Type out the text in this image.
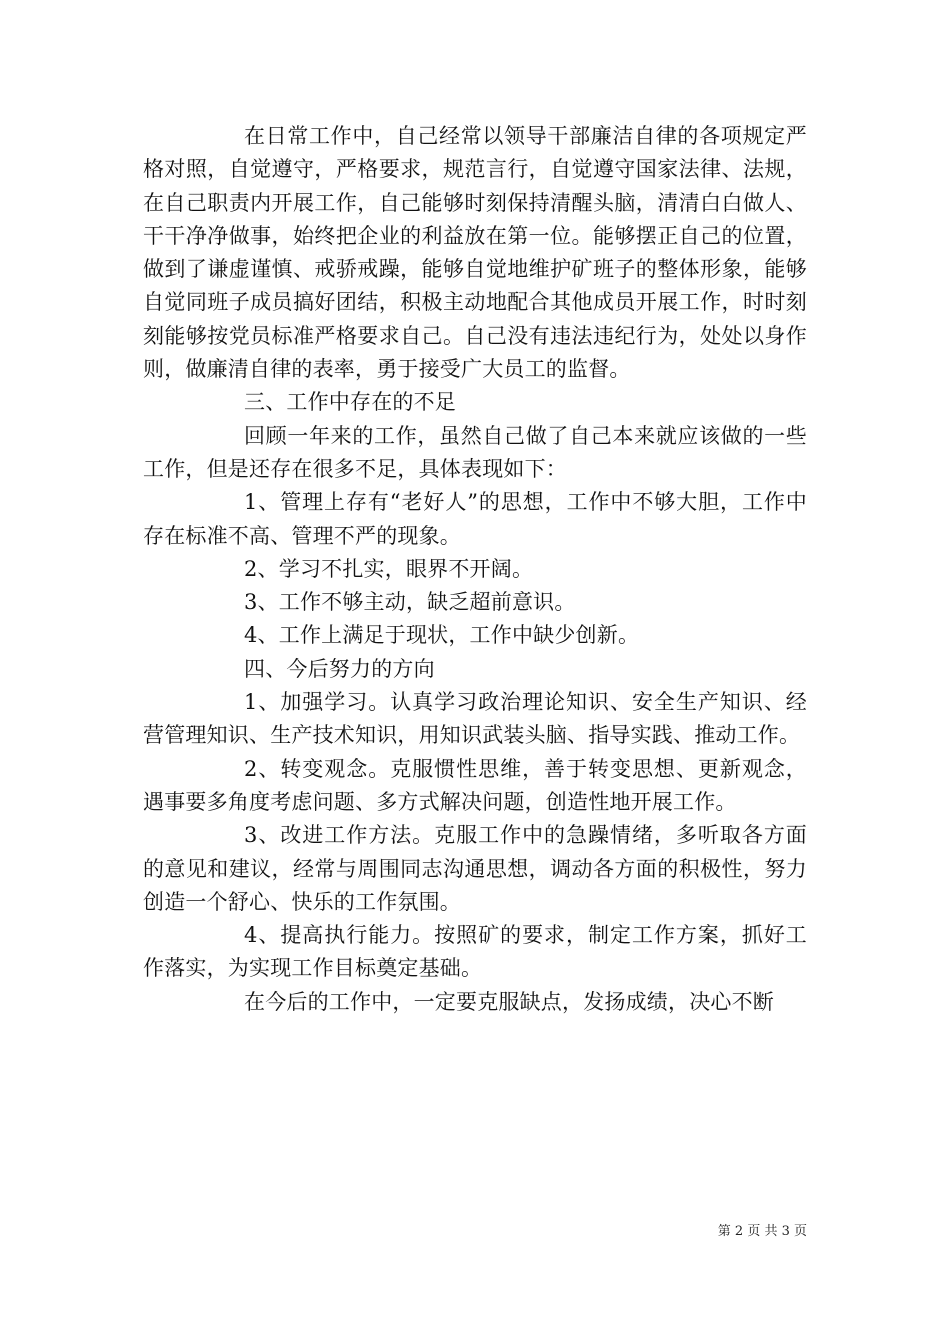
在日常工作中，自己经常以领导干部廉洁自律的各项规定严格对照，自觉遵守，严格要求，规范言行，自觉遵守国家法律、法规，在自己职责内开展工作，自己能够时刻保持清醒头脑，清清白白做人、干干净净做事，始终把企业的利益放在第一位。能够摆正自己的位置，做到了谦虚谨慎、戒骄戒躁，能够自觉地维护矿班子的整体形象，能够自觉同班子成员搞好团结，积极主动地配合其他成员开展工作，时时刻刻能够按党员标准严格要求自己。自己没有违法违纪行为，处处以身作则，做廉清自律的表率，勇于接受广大员工的监督。

三、工作中存在的不足

回顾一年来的工作，虽然自己做了自己本来就应该做的一些工作，但是还存在很多不足，具体表现如下：

1、管理上存有“老好人”的思想，工作中不够大胆，工作中存在标准不高、管理不严的现象。

2、学习不扎实，眼界不开阔。

3、工作不够主动，缺乏超前意识。

4、工作上满足于现状，工作中缺少创新。

四、今后努力的方向

1、加强学习。认真学习政治理论知识、安全生产知识、经营管理知识、生产技术知识，用知识武装头脑、指导实践、推动工作。

2、转变观念。克服惯性思维，善于转变思想、更新观念，遇事要多角度考虑问题、多方式解决问题，创造性地开展工作。

3、改进工作方法。克服工作中的急躁情绪，多听取各方面的意见和建议，经常与周围同志沟通思想，调动各方面的积极性，努力创造一个舒心、快乐的工作氛围。

4、提高执行能力。按照矿的要求，制定工作方案，抓好工作落实，为实现工作目标奠定基础。

在今后的工作中，一定要克服缺点，发扬成绩，决心不断

第 2 页 共 3 页
